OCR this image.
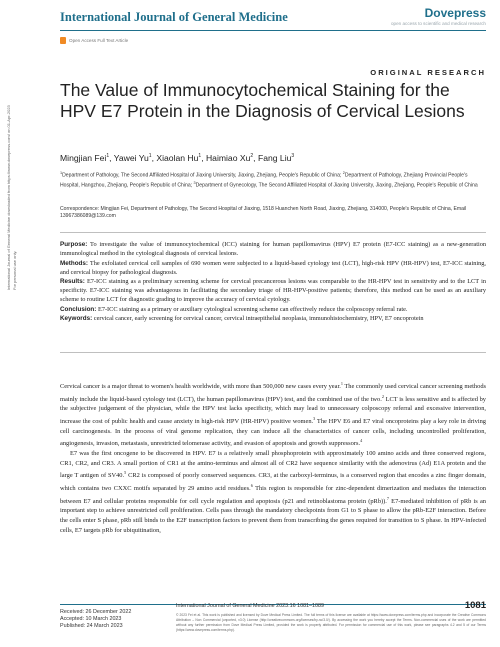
International Journal of General Medicine	Dovepress
open access to scientific and medical research
Open Access Full Text Article
ORIGINAL RESEARCH
The Value of Immunocytochemical Staining for the HPV E7 Protein in the Diagnosis of Cervical Lesions
Mingjian Fei$^1$, Yawei Yu$^1$, Xiaolan Hu$^1$, Haimiao Xu$^2$, Fang Liu$^3$
$^1$Department of Pathology, The Second Affiliated Hospital of Jiaxing University, Jiaxing, Zhejiang, People's Republic of China; $^2$Department of Pathology, Zhejiang Provincial People's Hospital, Hangzhou, Zhejiang, People's Republic of China; $^3$Department of Gynecology, The Second Affiliated Hospital of Jiaxing University, Jiaxing, Zhejiang, People's Republic of China
Correspondence: Mingjian Fei, Department of Pathology, The Second Hospital of Jiaxing, 1518 Huanchen North Road, Jiaxing, Zhejiang, 314000, People's Republic of China, Email 13967386089@139.com

Purpose: To investigate the value of immunocytochemical (ICC) staining for human papillomavirus (HPV) E7 protein (E7-ICC staining) as a new-generation immunological method in the cytological diagnosis of cervical lesions.

Methods: The exfoliated cervical cell samples of 690 women were subjected to a liquid-based cytology test (LCT), high-risk HPV (HR-HPV) test, E7-ICC staining, and cervical biopsy for pathological diagnosis.

Results: E7-ICC staining as a preliminary screening scheme for cervical precancerous lesions was comparable to the HR-HPV test in sensitivity and to the LCT in specificity. E7-ICC staining was advantageous in facilitating the secondary triage of HR-HPV-positive patients; therefore, this method can be used as an auxiliary scheme to routine LCT for diagnostic grading to improve the accuracy of cervical cytology.

Conclusion: E7-ICC staining as a primary or auxiliary cytological screening scheme can effectively reduce the colposcopy referral rate.

Keywords: cervical cancer, early screening for cervical cancer, cervical intraepithelial neoplasia, immunohistochemistry, HPV, E7 oncoprotein

Cervical cancer is a major threat to women's health worldwide, with more than 500,000 new cases every year.$^1$ The commonly used cervical cancer screening methods mainly include the liquid-based cytology test (LCT), the human papillomavirus (HPV) test, and the combined use of the two.$^2$ LCT is less sensitive and is affected by the subjective judgement of the physician, while the HPV test lacks specificity, which may lead to unnecessary colposcopy referral and excessive intervention, increase the cost of public health and cause anxiety in high-risk HPV (HR-HPV) positive women.$^3$ The HPV E6 and E7 viral oncoproteins play a key role in driving cell carcinogenesis. In the process of viral genome replication, they can induce all the characteristics of cancer cells, including uncontrolled proliferation, angiogenesis, invasion, metastasis, unrestricted telomerase activity, and evasion of apoptosis and growth suppressors.$^4$

E7 was the first oncogene to be discovered in HPV. E7 is a relatively small phosphoprotein with approximately 100 amino acids and three conserved regions, CR1, CR2, and CR3. A small portion of CR1 at the amino-terminus and almost all of CR2 have sequence similarity with the adenovirus (Ad) E1A protein and the large T antigen of SV40.$^5$ CR2 is composed of poorly conserved sequences. CR3, at the carboxyl-terminus, is a conserved region that encodes a zinc finger domain, which contains two CXXC motifs separated by 29 amino acid residues.$^6$ This region is responsible for zinc-dependent dimerization and mediates the interaction between E7 and cellular proteins responsible for cell cycle regulation and apoptosis (p21 and retinoblastoma protein (pRb)).$^7$ E7-mediated inhibition of pRb is an important step to achieve unrestricted cell proliferation. Cells pass through the mandatory checkpoints from G1 to S phase to allow the pRb-E2F interaction. Before the cells enter S phase, pRb still binds to the E2F transcription factors to prevent them from transcribing the genes required for transition to S phase. In HPV-infected cells, E7 targets pRb for ubiquitination,

International Journal of General Medicine downloaded from https://www.dovepress.com/ on 01-Apr-2023 For personal use only.
Received: 26 December 2022
Accepted: 10 March 2023
Published: 24 March 2023
International Journal of General Medicine 2023:16 1081–1089	1081
© 2023 Fei et al. This work is published and licensed by Dove Medical Press Limited. The full terms of this license are available at https://www.dovepress.com/terms.php and incorporate the Creative Commons Attribution – Non Commercial (unported, v3.0) License (http://creativecommons.org/licenses/by-nc/3.0/). By accessing the work you hereby accept the Terms. Non-commercial uses of the work are permitted without any further permission from Dove Medical Press Limited, provided the work is properly attributed. For permission for commercial use of this work, please see paragraphs 4.2 and 5 of our Terms (https://www.dovepress.com/terms.php).
